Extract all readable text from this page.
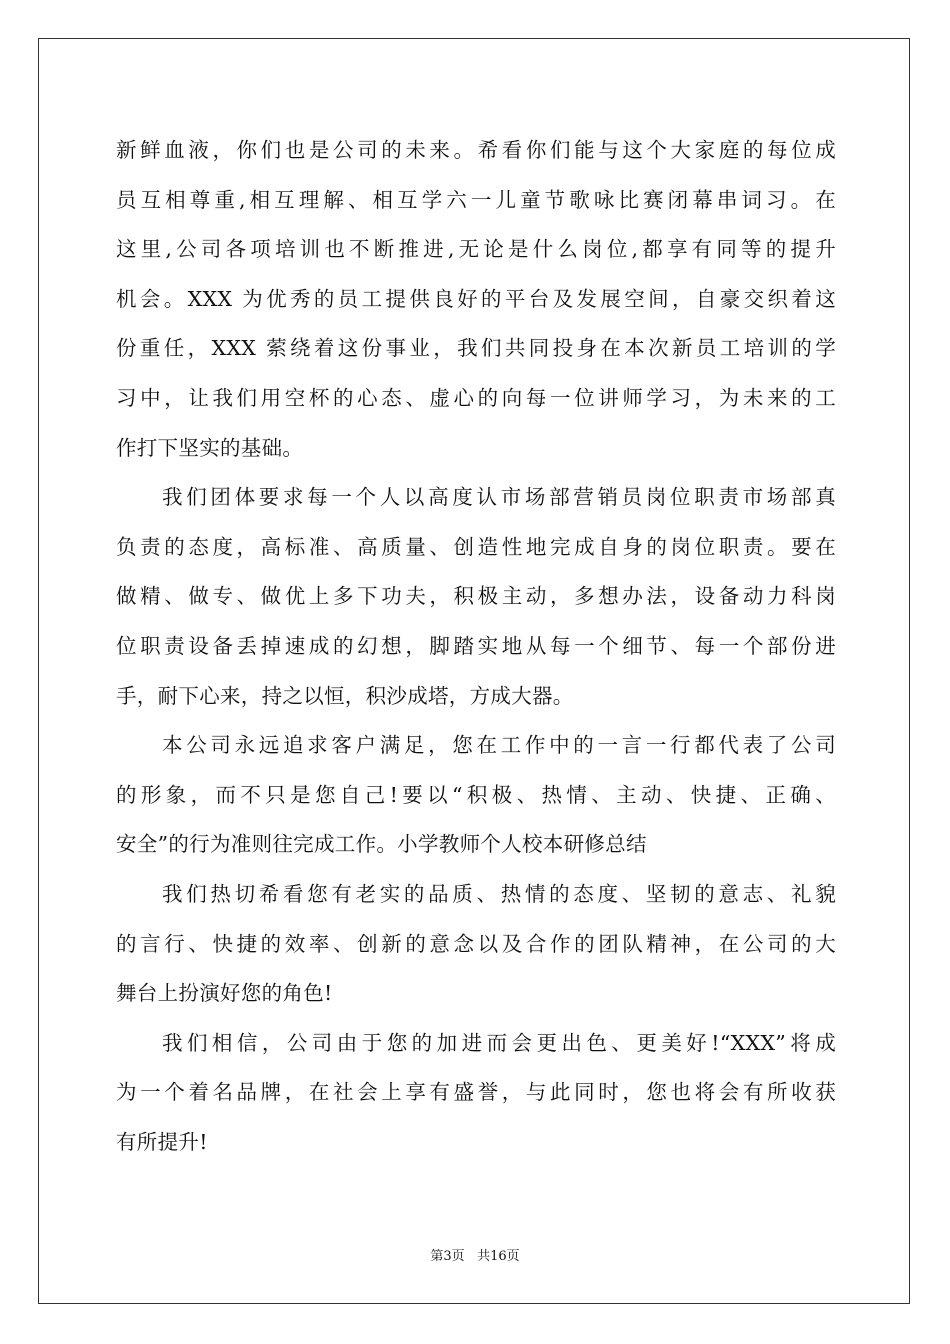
新鲜血液，你们也是公司的未来。希看你们能与这个大家庭的每位成
员互相尊重,相互理解、相互学六一儿童节歌咏比赛闭幕串词习。在
这里,公司各项培训也不断推进,无论是什么岗位,都享有同等的提升
机会。XXX 为优秀的员工提供良好的平台及发展空间，自豪交织着这
份重任，XXX 萦绕着这份事业，我们共同投身在本次新员工培训的学
习中，让我们用空杯的心态、虚心的向每一位讲师学习，为未来的工
作打下坚实的基础。
我们团体要求每一个人以高度认市场部营销员岗位职责市场部真
负责的态度，高标准、高质量、创造性地完成自身的岗位职责。要在
做精、做专、做优上多下功夫，积极主动，多想办法，设备动力科岗
位职责设备丢掉速成的幻想，脚踏实地从每一个细节、每一个部份进
手，耐下心来，持之以恒，积沙成塔，方成大器。
本公司永远追求客户满足，您在工作中的一言一行都代表了公司
的形象，而不只是您自己!要以“积极、热情、主动、快捷、正确、
安全”的行为准则往完成工作。小学教师个人校本研修总结
我们热切希看您有老实的品质、热情的态度、坚韧的意志、礼貌
的言行、快捷的效率、创新的意念以及合作的团队精神，在公司的大
舞台上扮演好您的角色!
我们相信，公司由于您的加进而会更出色、更美好!“XXX”将成
为一个着名品牌，在社会上享有盛誉，与此同时，您也将会有所收获
有所提升!
第3页 共16页
